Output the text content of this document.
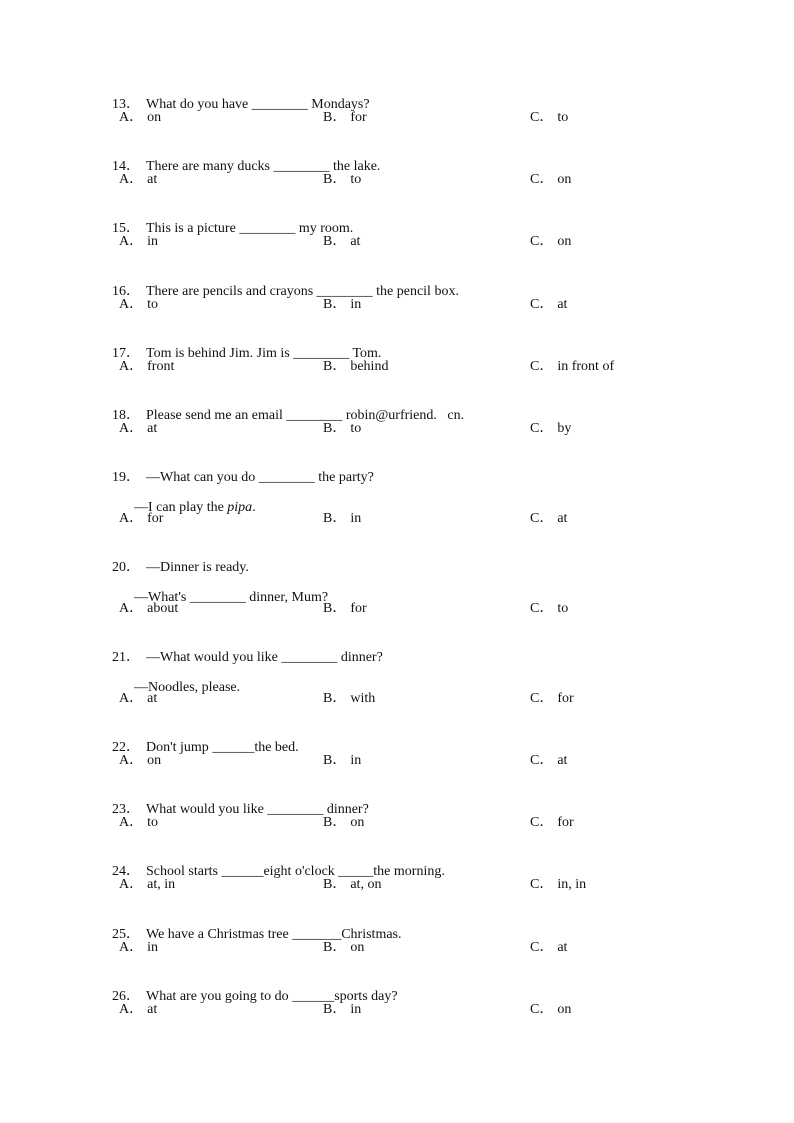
13． What do you have ________ Mondays?

A． on	B． for	C． to

14． There are many ducks ________ the lake.

A． at	B． to	C． on

15． This is a picture ________ my room.

A． in	B． at	C． on

16． There are pencils and crayons ________ the pencil box.

A． to	B． in	C． at

17． Tom is behind Jim. Jim is ________ Tom.

A． front	B． behind	C． in front of

18． Please send me an email ________ robin@urfriend.   cn.

A． at	B． to	C． by

19． —What can you do ________ the party?

—I can play the pipa.

A． for	B． in	C． at

20． —Dinner is ready.

—What's ________ dinner, Mum?

A． about	B． for	C． to

21． —What would you like ________ dinner?

—Noodles, please.

A． at	B． with	C． for

22． Don't jump ______the bed.

A． on	B． in	C． at

23． What would you like ________ dinner?

A． to	B． on	C． for

24． School starts ______eight o'clock _____the morning.

A． at, in	B． at, on	C． in, in

25． We have a Christmas tree _______Christmas.

A． in	B． on	C． at

26． What are you going to do ______sports day?

A． at	B． in	C． on
